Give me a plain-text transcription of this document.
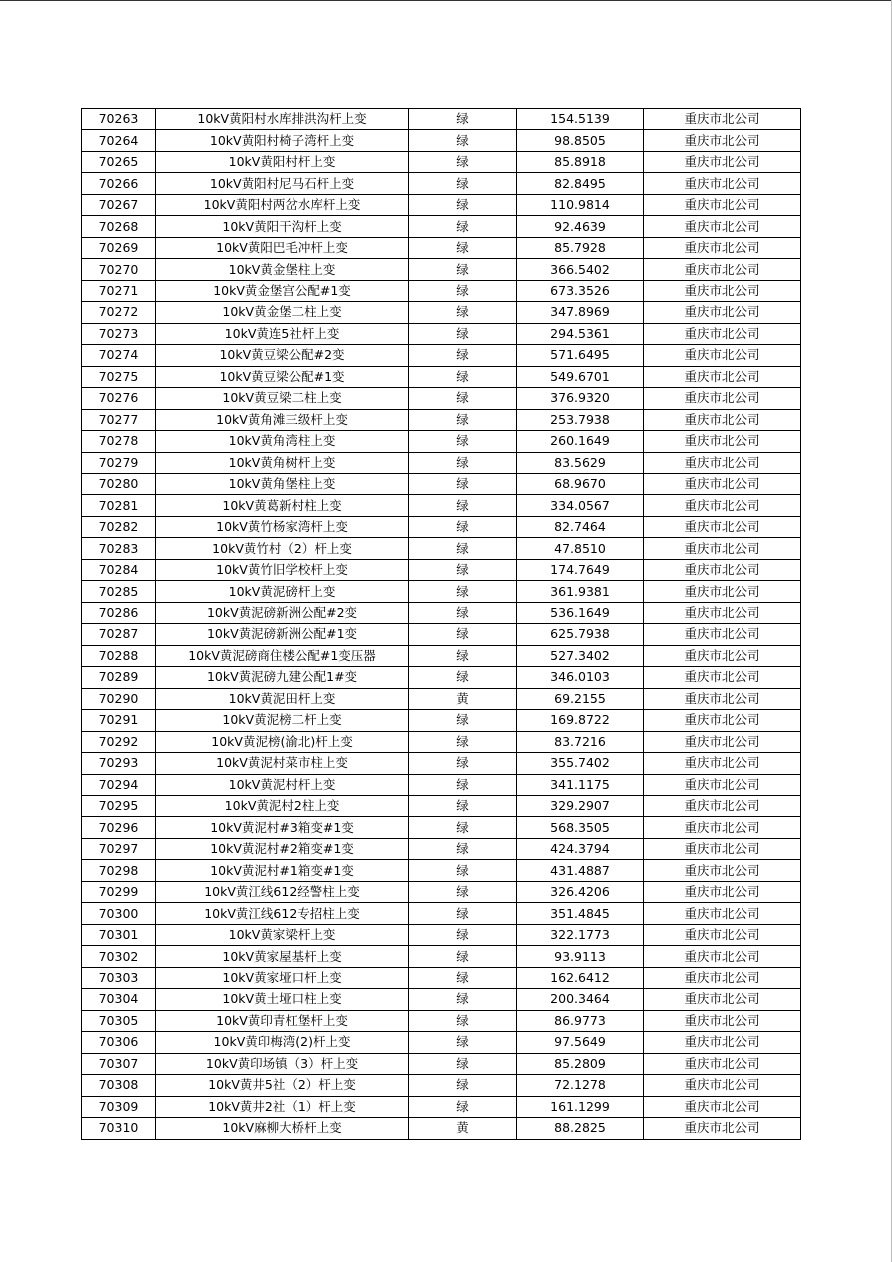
70263	10kV黄阳村水库排洪沟杆上变	绿	154.5139	重庆市北公司
70264	10kV黄阳村椅子湾杆上变	绿	98.8505	重庆市北公司
70265	10kV黄阳村杆上变	绿	85.8918	重庆市北公司
70266	10kV黄阳村尼马石杆上变	绿	82.8495	重庆市北公司
70267	10kV黄阳村两岔水库杆上变	绿	110.9814	重庆市北公司
70268	10kV黄阳干沟杆上变	绿	92.4639	重庆市北公司
70269	10kV黄阳巴毛冲杆上变	绿	85.7928	重庆市北公司
70270	10kV黄金堡柱上变	绿	366.5402	重庆市北公司
70271	10kV黄金堡宫公配#1变	绿	673.3526	重庆市北公司
70272	10kV黄金堡二柱上变	绿	347.8969	重庆市北公司
70273	10kV黄连5社杆上变	绿	294.5361	重庆市北公司
70274	10kV黄豆梁公配#2变	绿	571.6495	重庆市北公司
70275	10kV黄豆梁公配#1变	绿	549.6701	重庆市北公司
70276	10kV黄豆梁二柱上变	绿	376.9320	重庆市北公司
70277	10kV黄角滩三级杆上变	绿	253.7938	重庆市北公司
70278	10kV黄角湾柱上变	绿	260.1649	重庆市北公司
70279	10kV黄角树杆上变	绿	83.5629	重庆市北公司
70280	10kV黄角堡柱上变	绿	68.9670	重庆市北公司
70281	10kV黄葛新村柱上变	绿	334.0567	重庆市北公司
70282	10kV黄竹杨家湾杆上变	绿	82.7464	重庆市北公司
70283	10kV黄竹村（2）杆上变	绿	47.8510	重庆市北公司
70284	10kV黄竹旧学校杆上变	绿	174.7649	重庆市北公司
70285	10kV黄泥磅杆上变	绿	361.9381	重庆市北公司
70286	10kV黄泥磅新洲公配#2变	绿	536.1649	重庆市北公司
70287	10kV黄泥磅新洲公配#1变	绿	625.7938	重庆市北公司
70288	10kV黄泥磅商住楼公配#1变压器	绿	527.3402	重庆市北公司
70289	10kV黄泥磅九建公配1#变	绿	346.0103	重庆市北公司
70290	10kV黄泥田杆上变	黄	69.2155	重庆市北公司
70291	10kV黄泥榜二杆上变	绿	169.8722	重庆市北公司
70292	10kV黄泥榜(渝北)杆上变	绿	83.7216	重庆市北公司
70293	10kV黄泥村菜市柱上变	绿	355.7402	重庆市北公司
70294	10kV黄泥村杆上变	绿	341.1175	重庆市北公司
70295	10kV黄泥村2柱上变	绿	329.2907	重庆市北公司
70296	10kV黄泥村#3箱变#1变	绿	568.3505	重庆市北公司
70297	10kV黄泥村#2箱变#1变	绿	424.3794	重庆市北公司
70298	10kV黄泥村#1箱变#1变	绿	431.4887	重庆市北公司
70299	10kV黄江线612经警柱上变	绿	326.4206	重庆市北公司
70300	10kV黄江线612专招柱上变	绿	351.4845	重庆市北公司
70301	10kV黄家梁杆上变	绿	322.1773	重庆市北公司
70302	10kV黄家屋基杆上变	绿	93.9113	重庆市北公司
70303	10kV黄家垭口杆上变	绿	162.6412	重庆市北公司
70304	10kV黄土垭口柱上变	绿	200.3464	重庆市北公司
70305	10kV黄印青杠堡杆上变	绿	86.9773	重庆市北公司
70306	10kV黄印梅湾(2)杆上变	绿	97.5649	重庆市北公司
70307	10kV黄印场镇（3）杆上变	绿	85.2809	重庆市北公司
70308	10kV黄井5社（2）杆上变	绿	72.1278	重庆市北公司
70309	10kV黄井2社（1）杆上变	绿	161.1299	重庆市北公司
70310	10kV麻柳大桥杆上变	黄	88.2825	重庆市北公司
